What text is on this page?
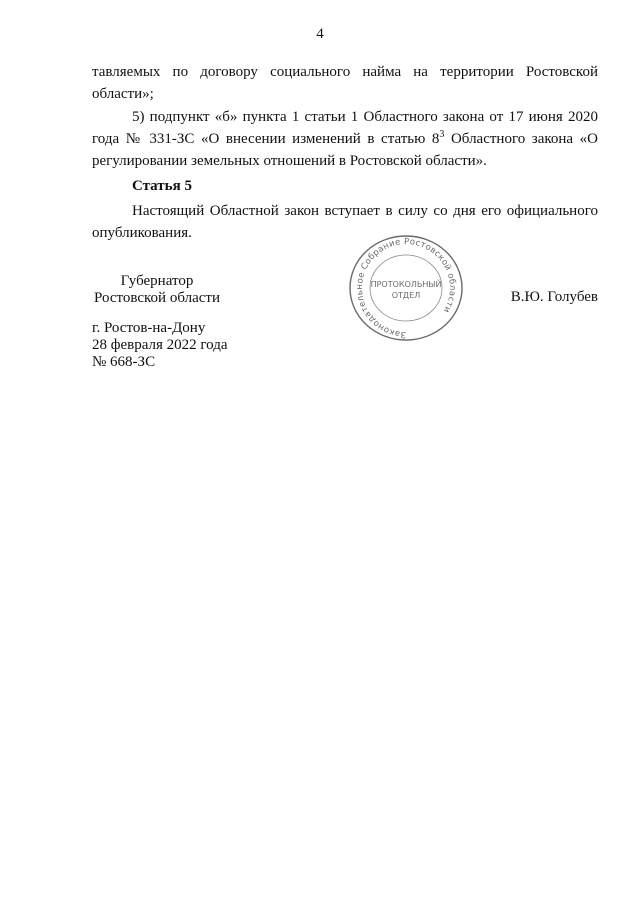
4

тавляемых по договору социального найма на территории Ростовской области»;

5) подпункт «б» пункта 1 статьи 1 Областного закона от 17 июня 2020 года № 331-ЗС «О внесении изменений в статью $8^3$ Областного закона «О регулировании земельных отношений в Ростовской области».

Статья 5

Настоящий Областной закон вступает в силу со дня его официального опубликования.

Губернатор
Ростовской области
Законодательное Собрание Ростовской области
ПРОТОКОЛЬНЫЙ
ОТДЕЛ	В.Ю. Голубев
г. Ростов-на-Дону
28 февраля 2022 года
№ 668-ЗС
